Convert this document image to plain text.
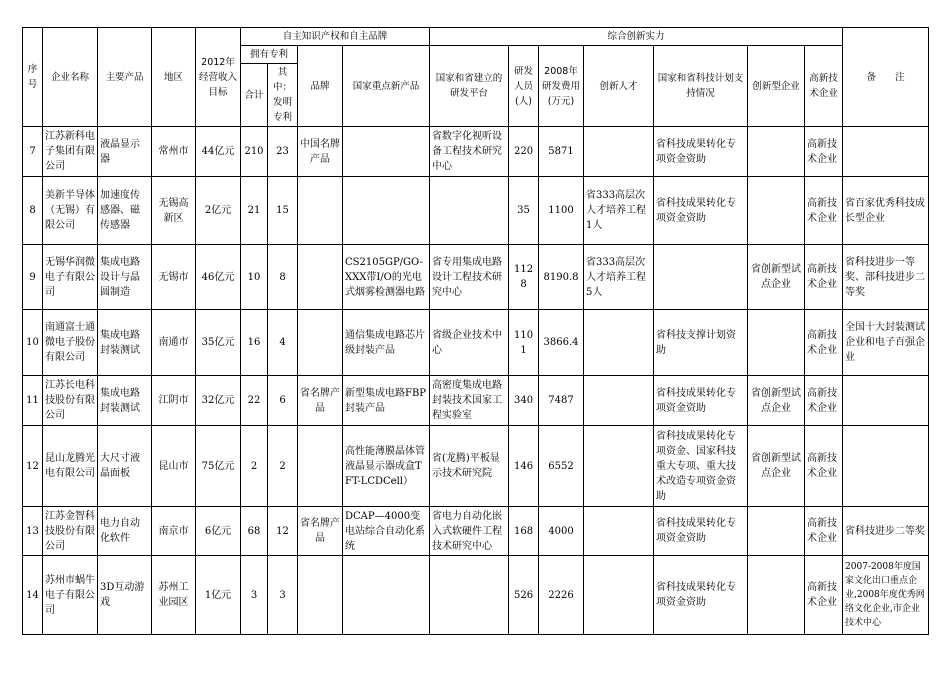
序号	企业名称	主要产品	地区	2012年经营收入目标	自主知识产权和自主品牌				综合创新实力							备　　注
					拥有专利		品牌	国家重点新产品	国家和省建立的研发平台	研发人员(人)	2008年研发费用(万元)	创新人才	国家和省科技计划支持情况	创新型企业	高新技术企业	
					合计	其中：发明专利										
7	江苏新科电子集团有限公司	液晶显示器	常州市	44亿元	210	23	中国名牌产品		省数字化视听设备工程技术研究中心	220	5871		省科技成果转化专项资金资助		高新技术企业	
8	美新半导体（无锡）有限公司	加速度传感器、磁传感器	无锡高新区	2亿元	21	15				35	1100	省333高层次人才培养工程1人	省科技成果转化专项资金资助		高新技术企业	省百家优秀科技成长型企业
9	无锡华润微电子有限公司	集成电路设计与晶圆制造	无锡市	46亿元	10	8		CS2105GP/GO-XXX带I/O的光电式烟雾检测器电路	省专用集成电路设计工程技术研究中心	1128	8190.8	省333高层次人才培养工程5人		省创新型试点企业	高新技术企业	省科技进步一等奖、部科技进步二等奖
10	南通富士通微电子股份有限公司	集成电路封装测试	南通市	35亿元	16	4		通信集成电路芯片级封装产品	省级企业技术中心	1101	3866.4		省科技支撑计划资助		高新技术企业	全国十大封装测试企业和电子百强企业
11	江苏长电科技股份有限公司	集成电路封装测试	江阴市	32亿元	22	6	省名牌产品	新型集成电路FBP封装产品	高密度集成电路封装技术国家工程实验室	340	7487		省科技成果转化专项资金资助	省创新型试点企业	高新技术企业	
12	昆山龙腾光电有限公司	大尺寸液晶面板	昆山市	75亿元	2	2		高性能薄膜晶体管液晶显示器成盒TFT-LCDCell）	省(龙腾)平板显示技术研究院	146	6552		省科技成果转化专项资金、国家科技重大专项、重大技术改造专项资金资助	省创新型试点企业	高新技术企业	
13	江苏金智科技股份有限公司	电力自动化软件	南京市	6亿元	68	12	省名牌产品	DCAP—4000变电站综合自动化系统	省电力自动化嵌入式软硬件工程技术研究中心	168	4000		省科技成果转化专项资金资助		高新技术企业	省科技进步二等奖
14	苏州市蜗牛电子有限公司	3D互动游戏	苏州工业园区	1亿元	3	3				526	2226		省科技成果转化专项资金资助		高新技术企业	2007-2008年度国家文化出口重点企业,2008年度优秀网络文化企业,市企业技术中心
